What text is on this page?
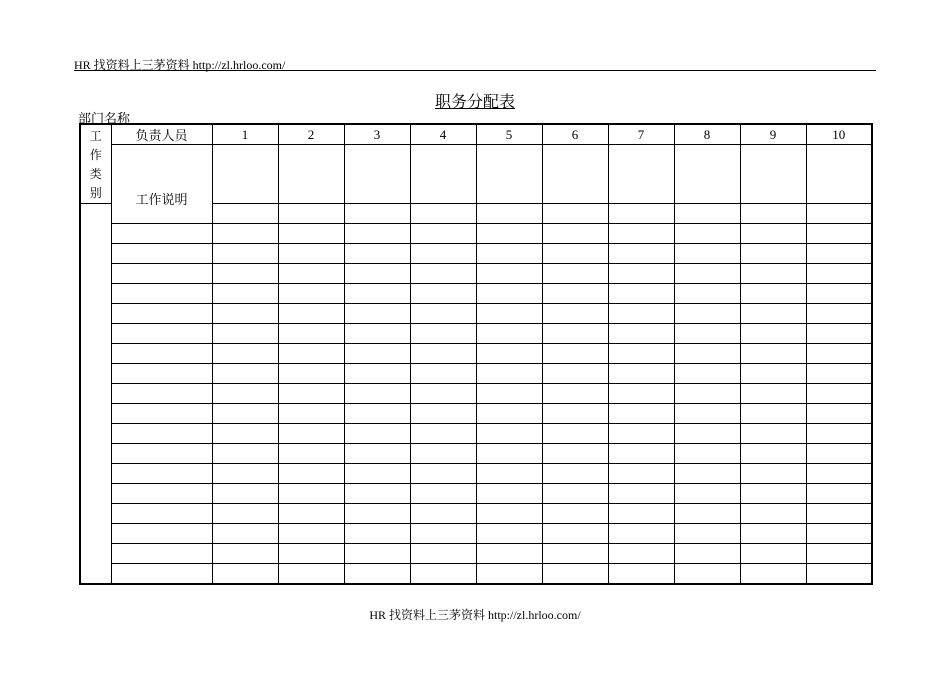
HR 找资料上三茅资料 http://zl.hrloo.com/
职务分配表
部门名称
工作类别	负责人员	1	2	3	4	5	6	7	8	9	10

	工作说明										

HR 找资料上三茅资料 http://zl.hrloo.com/
